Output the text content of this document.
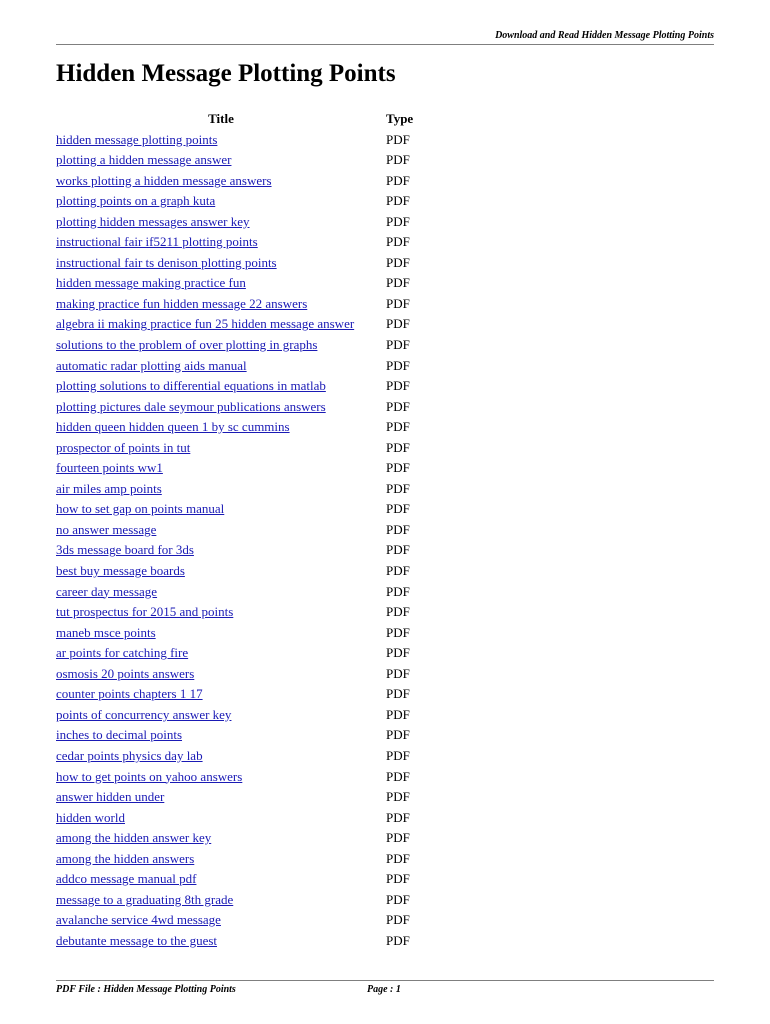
Download and Read Hidden Message Plotting Points
Hidden Message Plotting Points
Title	Type
hidden message plotting points	PDF
plotting a hidden message answer	PDF
works plotting a hidden message answers	PDF
plotting points on a graph kuta	PDF
plotting hidden messages answer key	PDF
instructional fair if5211 plotting points	PDF
instructional fair ts denison plotting points	PDF
hidden message making practice fun	PDF
making practice fun hidden message 22 answers	PDF
algebra ii making practice fun 25 hidden message answer	PDF
solutions to the problem of over plotting in graphs	PDF
automatic radar plotting aids manual	PDF
plotting solutions to differential equations in matlab	PDF
plotting pictures dale seymour publications answers	PDF
hidden queen hidden queen 1 by sc cummins	PDF
prospector of points in tut	PDF
fourteen points ww1	PDF
air miles amp points	PDF
how to set gap on points manual	PDF
no answer message	PDF
3ds message board for 3ds	PDF
best buy message boards	PDF
career day message	PDF
tut prospectus for 2015 and points	PDF
maneb msce points	PDF
ar points for catching fire	PDF
osmosis 20 points answers	PDF
counter points chapters 1 17	PDF
points of concurrency answer key	PDF
inches to decimal points	PDF
cedar points physics day lab	PDF
how to get points on yahoo answers	PDF
answer hidden under	PDF
hidden world	PDF
among the hidden answer key	PDF
among the hidden answers	PDF
addco message manual pdf	PDF
message to a graduating 8th grade	PDF
avalanche service 4wd message	PDF
debutante message to the guest	PDF
PDF File : Hidden Message Plotting Points	Page : 1
